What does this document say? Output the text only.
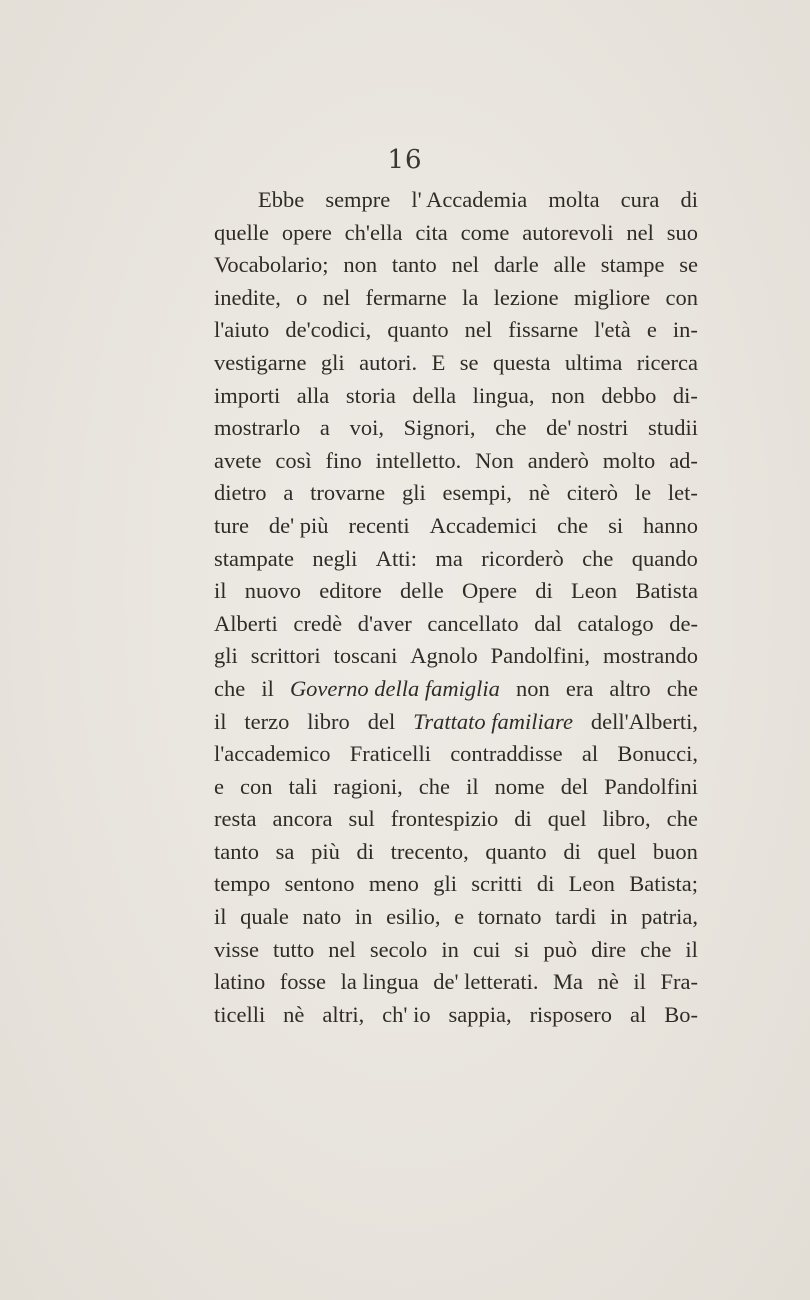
16
Ebbe sempre l' Accademia molta cura di
quelle opere ch'ella cita come autorevoli nel suo
Vocabolario; non tanto nel darle alle stampe se
inedite, o nel fermarne la lezione migliore con
l'aiuto de'codici, quanto nel fissarne l'età e in-
vestigarne gli autori. E se questa ultima ricerca
importi alla storia della lingua, non debbo di-
mostrarlo a voi, Signori, che de' nostri studii
avete così fino intelletto. Non anderò molto ad-
dietro a trovarne gli esempi, nè citerò le let-
ture de' più recenti Accademici che si hanno
stampate negli Atti: ma ricorderò che quando
il nuovo editore delle Opere di Leon Batista
Alberti credè d'aver cancellato dal catalogo de-
gli scrittori toscani Agnolo Pandolfini, mostrando
che il Governo della famiglia non era altro che
il terzo libro del Trattato familiare dell'Alberti,
l'accademico Fraticelli contraddisse al Bonucci,
e con tali ragioni, che il nome del Pandolfini
resta ancora sul frontespizio di quel libro, che
tanto sa più di trecento, quanto di quel buon
tempo sentono meno gli scritti di Leon Batista;
il quale nato in esilio, e tornato tardi in patria,
visse tutto nel secolo in cui si può dire che il
latino fosse la lingua de' letterati. Ma nè il Fra-
ticelli nè altri, ch' io sappia, risposero al Bo-
